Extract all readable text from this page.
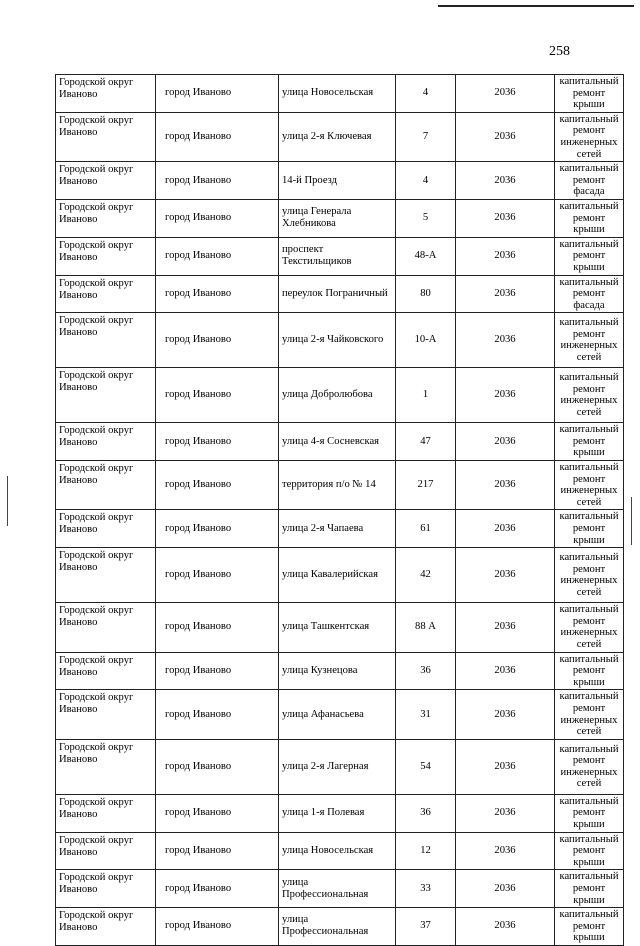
258
Городской округ Иваново	город Иваново	улица Новосельская	4	2036	капитальный ремонт крыши
Городской округ Иваново	город Иваново	улица 2-я Ключевая	7	2036	капитальный ремонт инженерных сетей
Городской округ Иваново	город Иваново	14-й Проезд	4	2036	капитальный ремонт фасада
Городской округ Иваново	город Иваново	улица Генерала Хлебникова	5	2036	капитальный ремонт крыши
Городской округ Иваново	город Иваново	проспект Текстильщиков	48-А	2036	капитальный ремонт крыши
Городской округ Иваново	город Иваново	переулок Пограничный	80	2036	капитальный ремонт фасада
Городской округ Иваново	город Иваново	улица 2-я Чайковского	10-А	2036	капитальный ремонт инженерных сетей
Городской округ Иваново	город Иваново	улица Добролюбова	1	2036	капитальный ремонт инженерных сетей
Городской округ Иваново	город Иваново	улица 4-я Сосневская	47	2036	капитальный ремонт крыши
Городской округ Иваново	город Иваново	территория п/о № 14	217	2036	капитальный ремонт инженерных сетей
Городской округ Иваново	город Иваново	улица 2-я Чапаева	61	2036	капитальный ремонт крыши
Городской округ Иваново	город Иваново	улица Кавалерийская	42	2036	капитальный ремонт инженерных сетей
Городской округ Иваново	город Иваново	улица Ташкентская	88 А	2036	капитальный ремонт инженерных сетей
Городской округ Иваново	город Иваново	улица Кузнецова	36	2036	капитальный ремонт крыши
Городской округ Иваново	город Иваново	улица Афанасьева	31	2036	капитальный ремонт инженерных сетей
Городской округ Иваново	город Иваново	улица 2-я Лагерная	54	2036	капитальный ремонт инженерных сетей
Городской округ Иваново	город Иваново	улица 1-я Полевая	36	2036	капитальный ремонт крыши
Городской округ Иваново	город Иваново	улица Новосельская	12	2036	капитальный ремонт крыши
Городской округ Иваново	город Иваново	улица Профессиональная	33	2036	капитальный ремонт крыши
Городской округ Иваново	город Иваново	улица Профессиональная	37	2036	капитальный ремонт крыши
